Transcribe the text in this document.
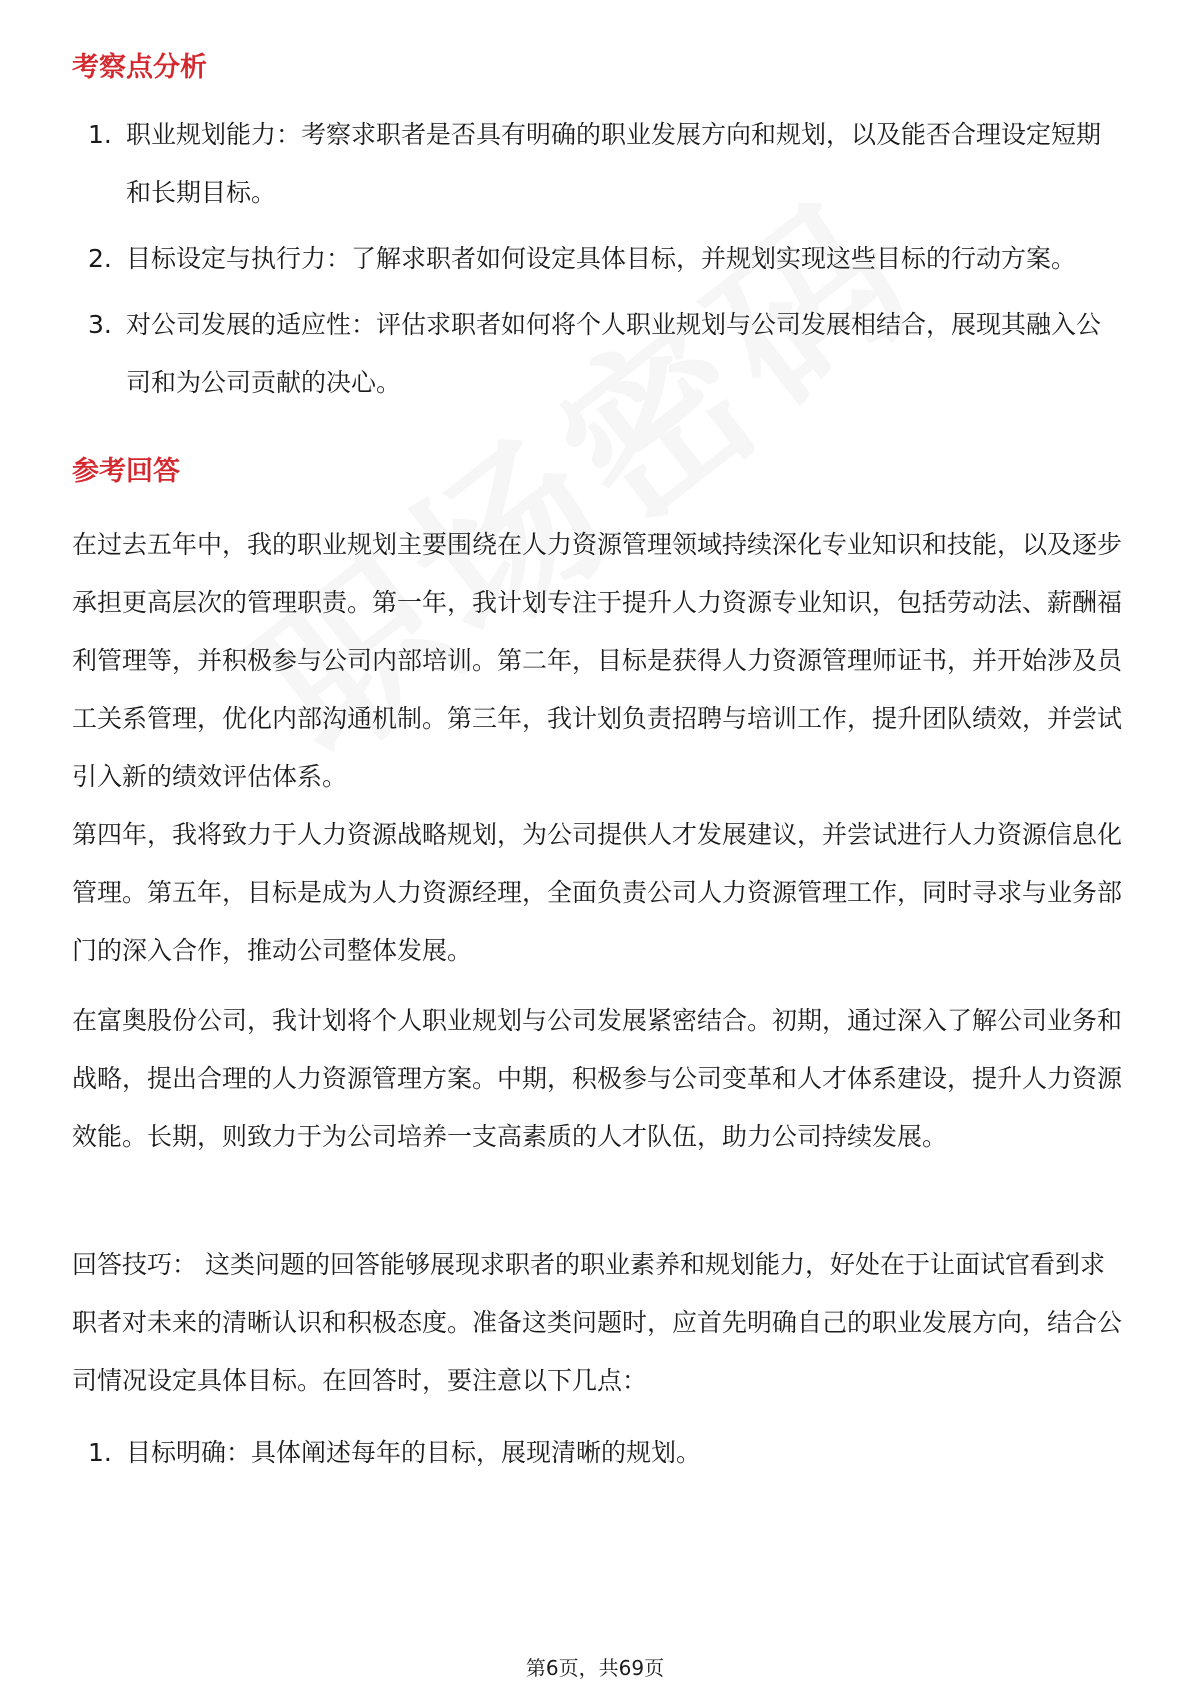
考察点分析
1. 职业规划能力：考察求职者是否具有明确的职业发展方向和规划，以及能否合理设定短期和长期目标。
2. 目标设定与执行力：了解求职者如何设定具体目标，并规划实现这些目标的行动方案。
3. 对公司发展的适应性：评估求职者如何将个人职业规划与公司发展相结合，展现其融入公司和为公司贡献的决心。
参考回答

在过去五年中，我的职业规划主要围绕在人力资源管理领域持续深化专业知识和技能，以及逐步承担更高层次的管理职责。第一年，我计划专注于提升人力资源专业知识，包括劳动法、薪酬福利管理等，并积极参与公司内部培训。第二年，目标是获得人力资源管理师证书，并开始涉及员工关系管理，优化内部沟通机制。第三年，我计划负责招聘与培训工作，提升团队绩效，并尝试引入新的绩效评估体系。

第四年，我将致力于人力资源战略规划，为公司提供人才发展建议，并尝试进行人力资源信息化管理。第五年，目标是成为人力资源经理，全面负责公司人力资源管理工作，同时寻求与业务部门的深入合作，推动公司整体发展。

在富奥股份公司，我计划将个人职业规划与公司发展紧密结合。初期，通过深入了解公司业务和战略，提出合理的人力资源管理方案。中期，积极参与公司变革和人才体系建设，提升人力资源效能。长期，则致力于为公司培养一支高素质的人才队伍，助力公司持续发展。

回答技巧： 这类问题的回答能够展现求职者的职业素养和规划能力，好处在于让面试官看到求职者对未来的清晰认识和积极态度。准备这类问题时，应首先明确自己的职业发展方向，结合公司情况设定具体目标。在回答时，要注意以下几点：

1. 目标明确：具体阐述每年的目标，展现清晰的规划。
第6页，共69页
